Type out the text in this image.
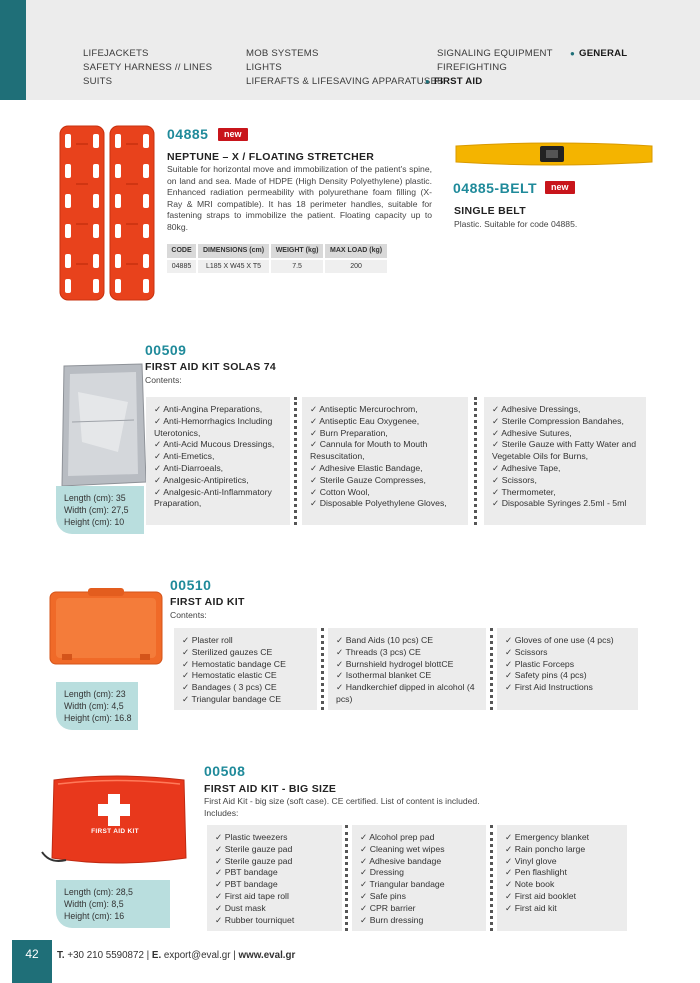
LIFEJACKETS
SAFETY HARNESS // LINES
SUITS
MOB SYSTEMS
LIGHTS
LIFERAFTS & LIFESAVING APPARATUSES
SIGNALING EQUIPMENT
FIREFIGHTING
● FIRST AID
● GENERAL
04885	new
NEPTUNE – X / FLOATING STRETCHER
Suitable for horizontal move and immobilization of the patient's spine, on land and sea. Made of HDPE (High Density Polyethylene) plastic. Enhanced radiation permeability with polyurethane foam filling (X-Ray & MRI compatible). It has 18 perimeter handles, suitable for fastening straps to immobilize the patient. Floating capacity up to 80kg.
CODE	DIMENSIONS (cm)	WEIGHT (kg)	MAX LOAD (kg)
04885	L185 X W45 X T5	7.5	200
04885-BELT	new
SINGLE BELT
Plastic. Suitable for code 04885.
00509
FIRST AID KIT SOLAS 74
Contents:
Length (cm): 35
Width (cm): 27,5
Height (cm): 10
✓ Anti-Angina Preparations,
✓ Anti-Hemorrhagics Including Uterotonics,
✓ Anti-Acid Mucous Dressings,
✓ Anti-Emetics,
✓ Anti-Diarroeals,
✓ Analgesic-Antipiretics,
✓ Analgesic-Anti-Inflammatory Praparation,
✓ Antiseptic Mercurochrom,
✓ Antiseptic Eau Oxygenee,
✓ Burn Preparation,
✓ Cannula for Mouth to Mouth Resuscitation,
✓ Adhesive Elastic Bandage,
✓ Sterile Gauze Compresses,
✓ Cotton Wool,
✓ Disposable Polyethylene Gloves,
✓ Adhesive Dressings,
✓ Sterile Compression Bandahes,
✓ Adhesive Sutures,
✓ Sterile Gauze with Fatty Water and Vegetable Oils for Burns,
✓ Adhesive Tape,
✓ Scissors,
✓ Thermometer,
✓ Disposable Syringes 2.5ml - 5ml
00510
FIRST AID KIT
Contents:
Length (cm): 23
Width (cm): 4,5
Height (cm): 16.8
✓ Plaster roll
✓ Sterilized gauzes CE
✓ Hemostatic bandage CE
✓ Hemostatic elastic CE
✓ Bandages ( 3 pcs) CE
✓ Triangular bandage CE
✓ Band Aids (10 pcs) CE
✓ Threads (3 pcs) CE
✓ Burnshield hydrogel blottCE
✓ Isothermal blanket CE
✓ Handkerchief dipped in alcohol (4 pcs)
✓ Gloves of one use (4 pcs)
✓ Scissors
✓ Plastic Forceps
✓ Safety pins (4 pcs)
✓ First Aid Instructions
00508
FIRST AID KIT - BIG SIZE
First Aid Kit - big size (soft case). CE certified. List of content is included.
Includes:
FIRST AID KIT
Length (cm): 28,5
Width (cm): 8,5
Height (cm): 16
✓ Plastic tweezers
✓ Sterile gauze pad
✓ Sterile gauze pad
✓ PBT bandage
✓ PBT bandage
✓ First aid tape roll
✓ Dust mask
✓ Rubber tourniquet
✓ Alcohol prep pad
✓ Cleaning wet wipes
✓ Adhesive bandage
✓ Dressing
✓ Triangular bandage
✓ Safe pins
✓ CPR barrier
✓ Burn dressing
✓ Emergency blanket
✓ Rain poncho large
✓ Vinyl glove
✓ Pen flashlight
✓ Note book
✓ First aid booklet
✓ First aid kit
42	T. +30 210 5590872 | E. export@eval.gr | www.eval.gr
